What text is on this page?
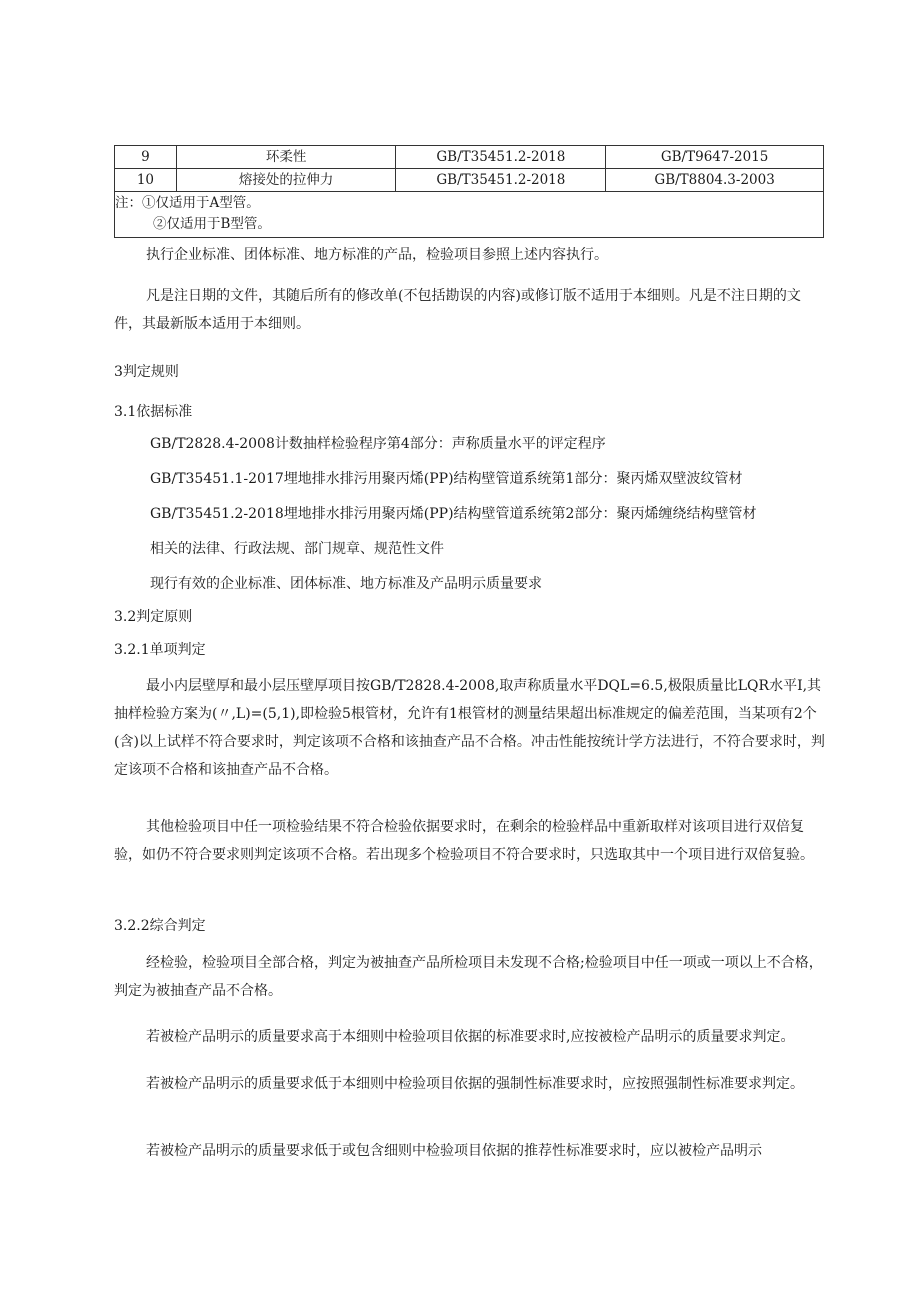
9	环柔性	GB/T35451.2-2018	GB/T9647-2015
10	熔接处的拉伸力	GB/T35451.2-2018	GB/T8804.3-2003

注：①仅适用于A型管。
②仅适用于B型管。			

执行企业标准、团体标准、地方标准的产品，检验项目参照上述内容执行。

凡是注日期的文件，其随后所有的修改单(不包括勘误的内容)或修订版不适用于本细则。凡是不注日期的文件，其最新版本适用于本细则。

3判定规则

3.1依据标准

GB/T2828.4-2008计数抽样检验程序第4部分：声称质量水平的评定程序

GB/T35451.1-2017埋地排水排污用聚丙烯(PP)结构壁管道系统第1部分：聚丙烯双壁波纹管材

GB/T35451.2-2018埋地排水排污用聚丙烯(PP)结构壁管道系统第2部分：聚丙烯缠绕结构壁管材

相关的法律、行政法规、部门规章、规范性文件

现行有效的企业标准、团体标准、地方标准及产品明示质量要求

3.2判定原则

3.2.1单项判定

最小内层壁厚和最小层压壁厚项目按GB/T2828.4-2008,取声称质量水平DQL=6.5,极限质量比LQR水平I,其抽样检验方案为(〃,L)=(5,1),即检验5根管材，允许有1根管材的测量结果超出标准规定的偏差范围，当某项有2个(含)以上试样不符合要求时，判定该项不合格和该抽查产品不合格。冲击性能按统计学方法进行，不符合要求时，判定该项不合格和该抽查产品不合格。

其他检验项目中任一项检验结果不符合检验依据要求时，在剩余的检验样品中重新取样对该项目进行双倍复验，如仍不符合要求则判定该项不合格。若出现多个检验项目不符合要求时，只选取其中一个项目进行双倍复验。

3.2.2综合判定

经检验，检验项目全部合格，判定为被抽查产品所检项目未发现不合格;检验项目中任一项或一项以上不合格，判定为被抽查产品不合格。

若被检产品明示的质量要求高于本细则中检验项目依据的标准要求时,应按被检产品明示的质量要求判定。

若被检产品明示的质量要求低于本细则中检验项目依据的强制性标准要求时，应按照强制性标准要求判定。

若被检产品明示的质量要求低于或包含细则中检验项目依据的推荐性标准要求时，应以被检产品明示
